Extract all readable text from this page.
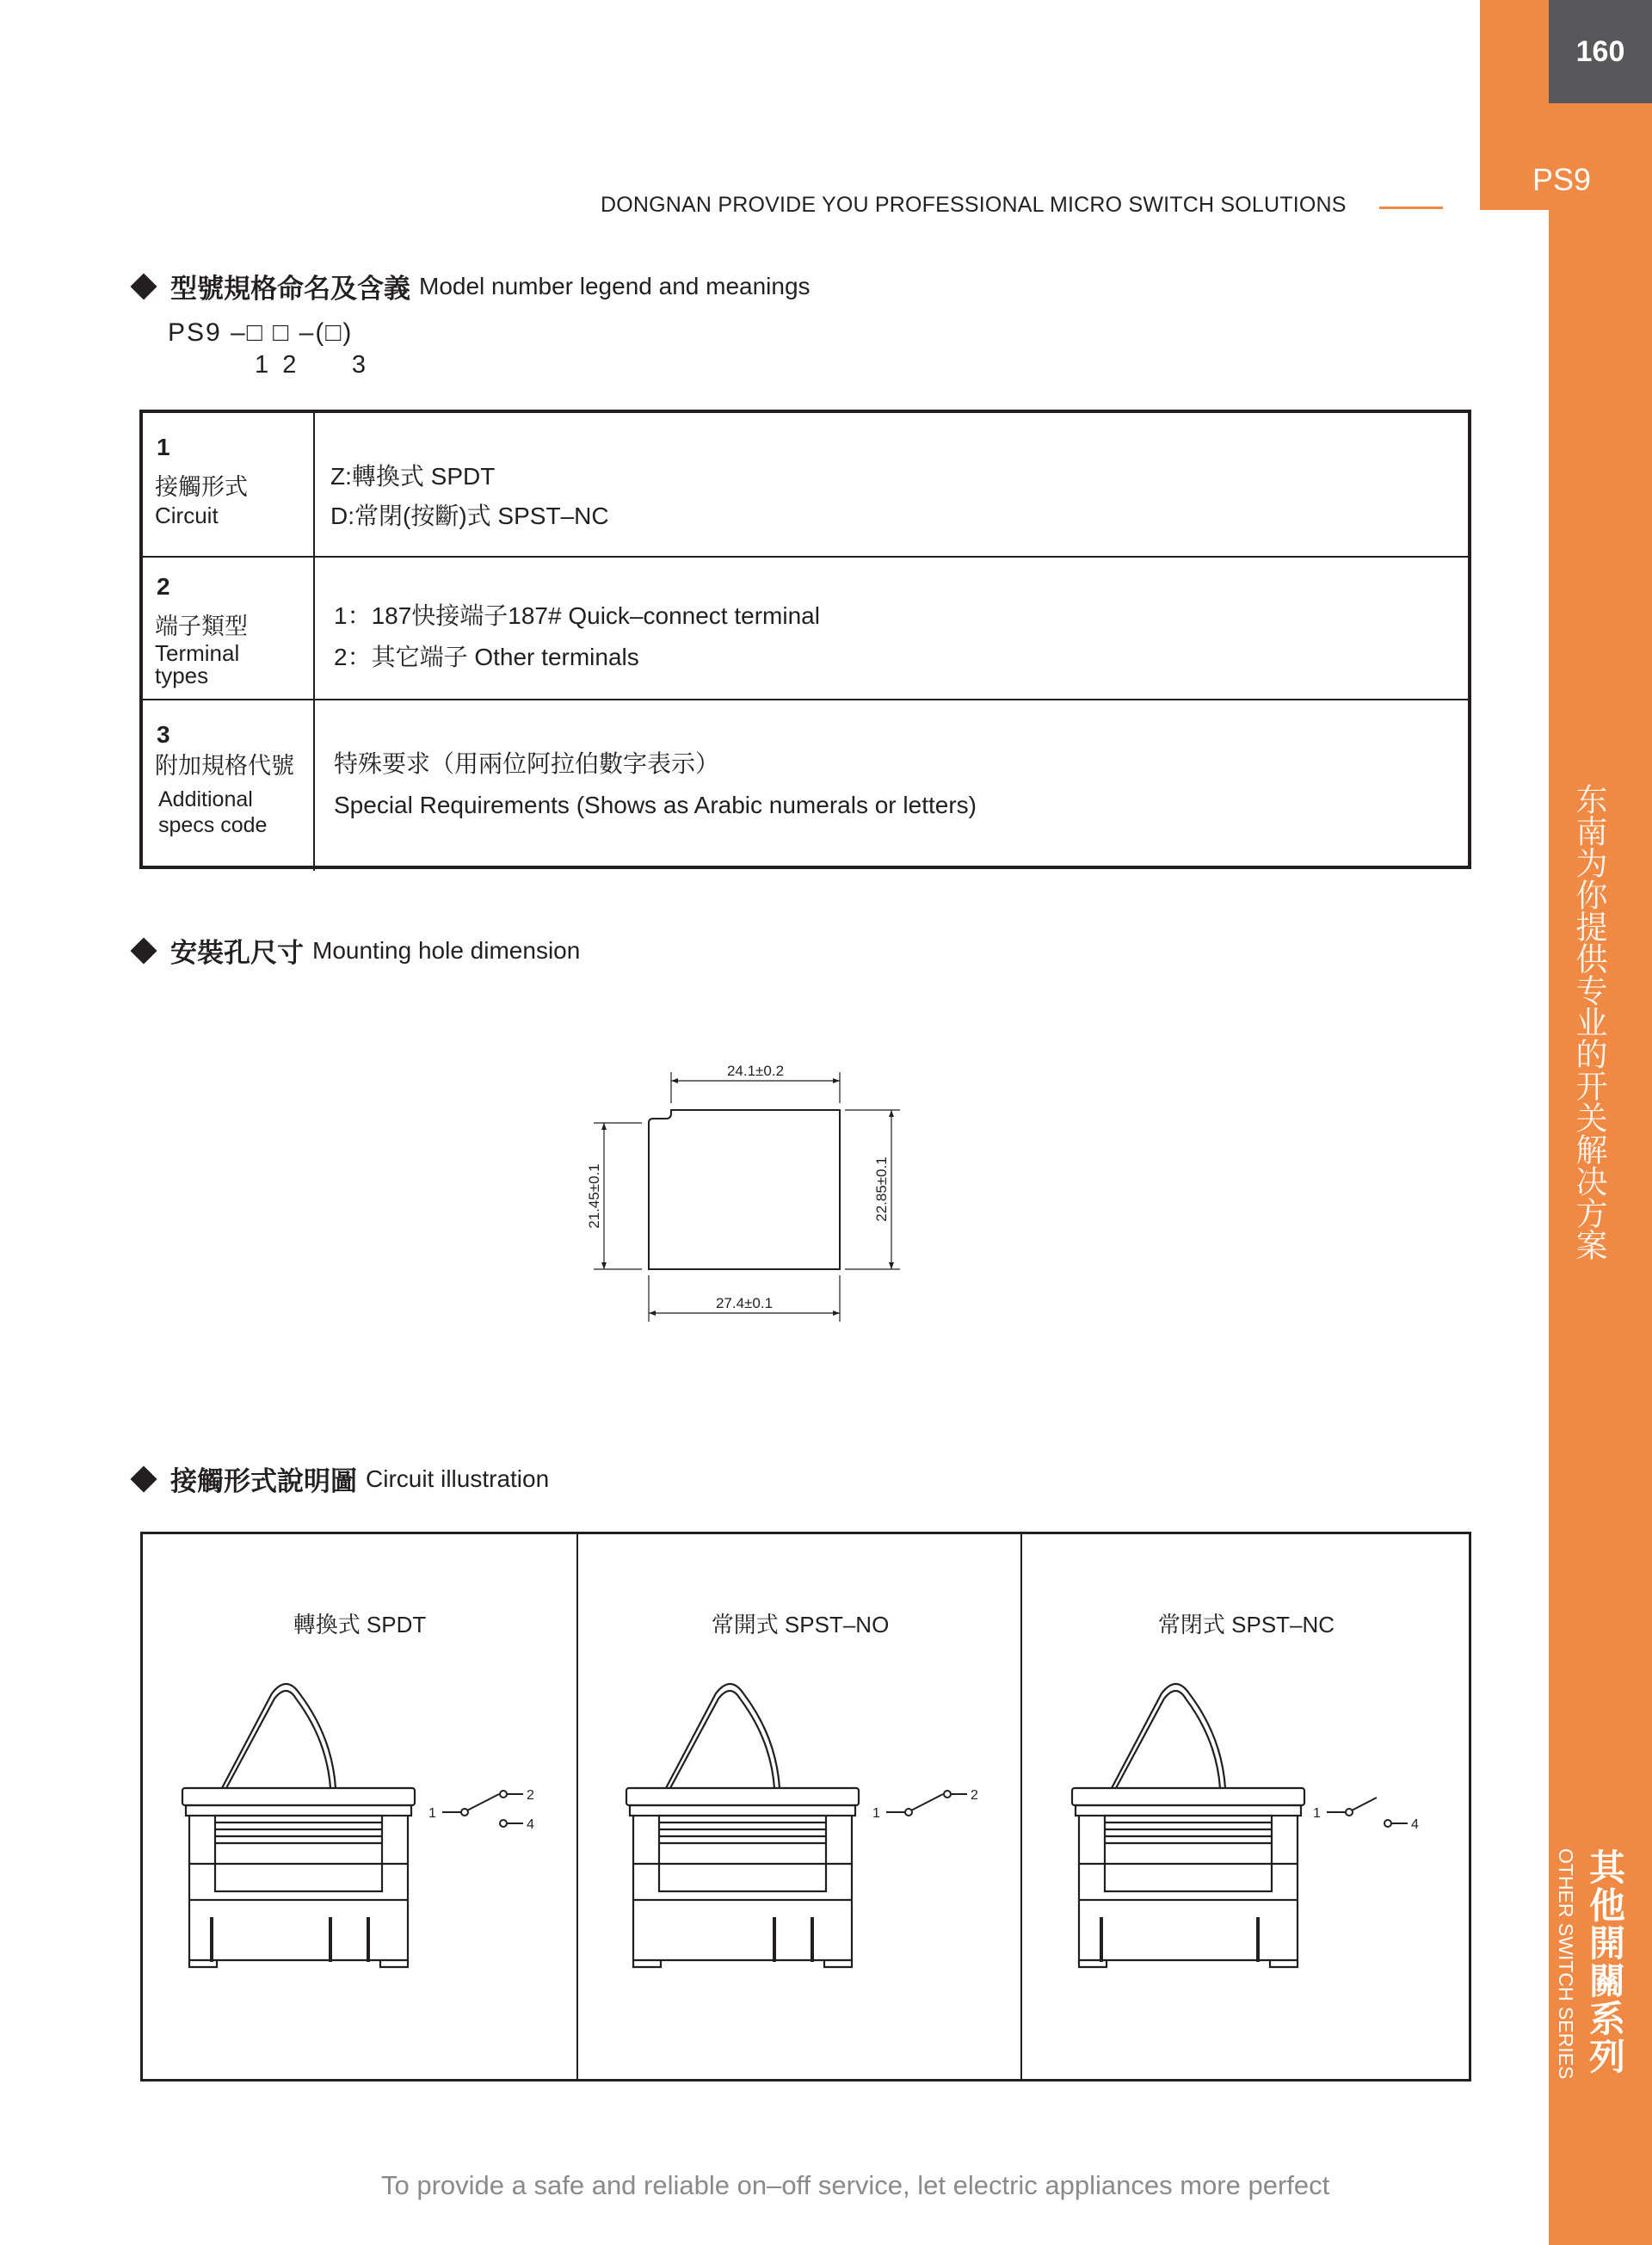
160
PS9
东南为你提供专业的开关解决方案
其他開關系列
OTHER SWITCH SERIES
DONGNAN PROVIDE YOU PROFESSIONAL MICRO SWITCH SOLUTIONS
型號規格命名及含義 Model number legend and meanings
PS9 –□ □ –(□)
1  2        3
1
接觸形式
Circuit
Z:轉換式 SPDT
D:常閉(按斷)式 SPST–NC
2
端子類型
Terminal
types
1：187快接端子187# Quick–connect terminal
2：其它端子 Other terminals
3
附加規格代號
Additional
specs code
特殊要求（用兩位阿拉伯數字表示）
Special Requirements (Shows as Arabic numerals or letters)
安裝孔尺寸 Mounting hole dimension
24.1±0.2
27.4±0.1
21.45±0.1	22.85±0.1
接觸形式說明圖 Circuit illustration
轉換式 SPDT
1
2
4
常開式 SPST–NO
1
2
常閉式 SPST–NC
1
4
To provide a safe and reliable on–off service, let electric appliances more perfect
